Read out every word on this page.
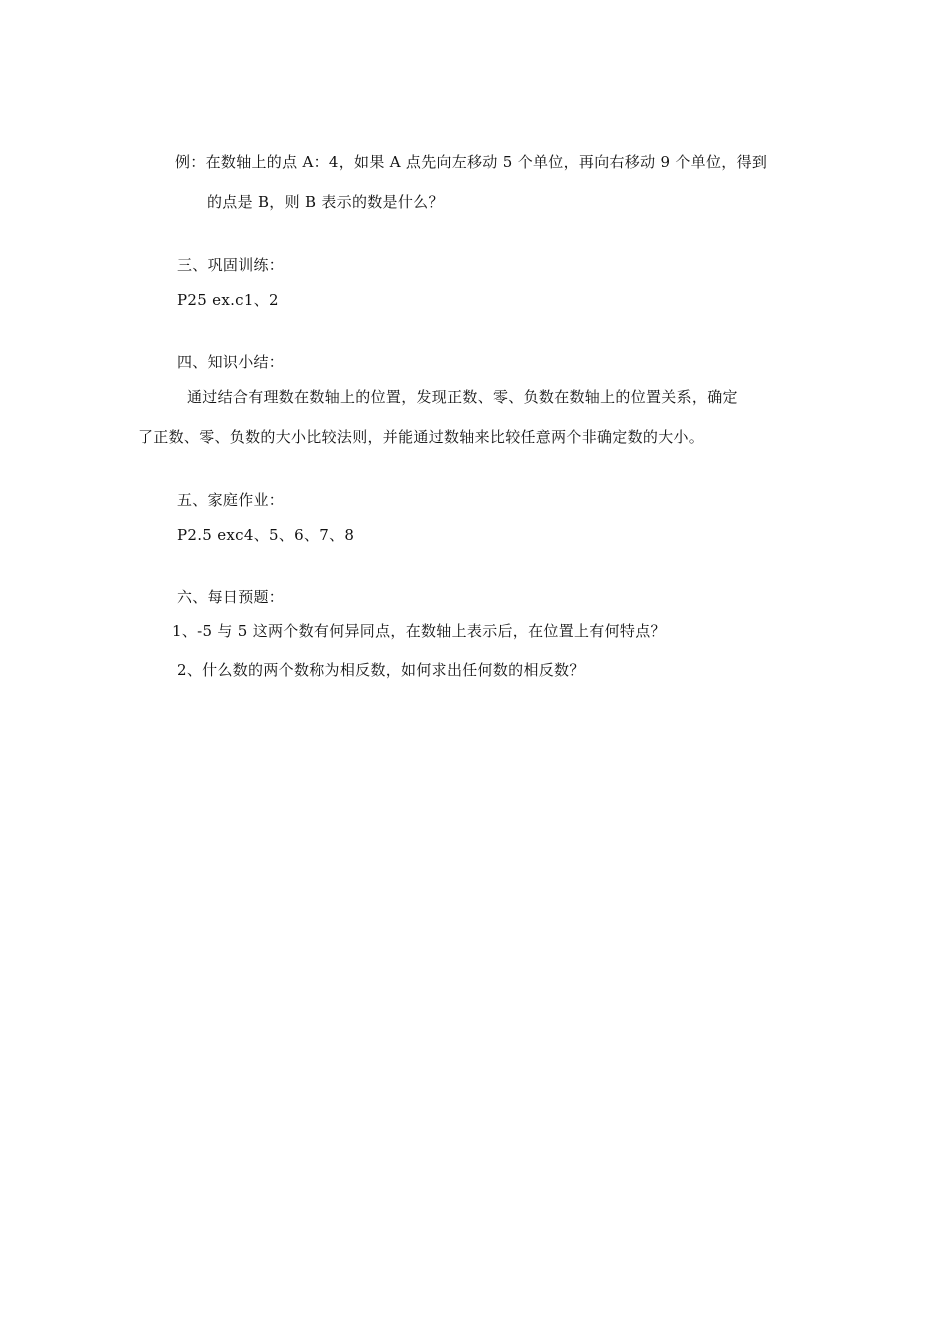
例：在数轴上的点 A：4，如果 A 点先向左移动 5 个单位，再向右移动 9 个单位，得到
的点是 B，则 B 表示的数是什么？
三、巩固训练：
P25 ex.c1、2
四、知识小结：
通过结合有理数在数轴上的位置，发现正数、零、负数在数轴上的位置关系，确定
了正数、零、负数的大小比较法则，并能通过数轴来比较任意两个非确定数的大小。
五、家庭作业：
P2.5 exc4、5、6、7、8
六、每日预题：
1、-5 与 5 这两个数有何异同点，在数轴上表示后，在位置上有何特点？
2、什么数的两个数称为相反数，如何求出任何数的相反数？
